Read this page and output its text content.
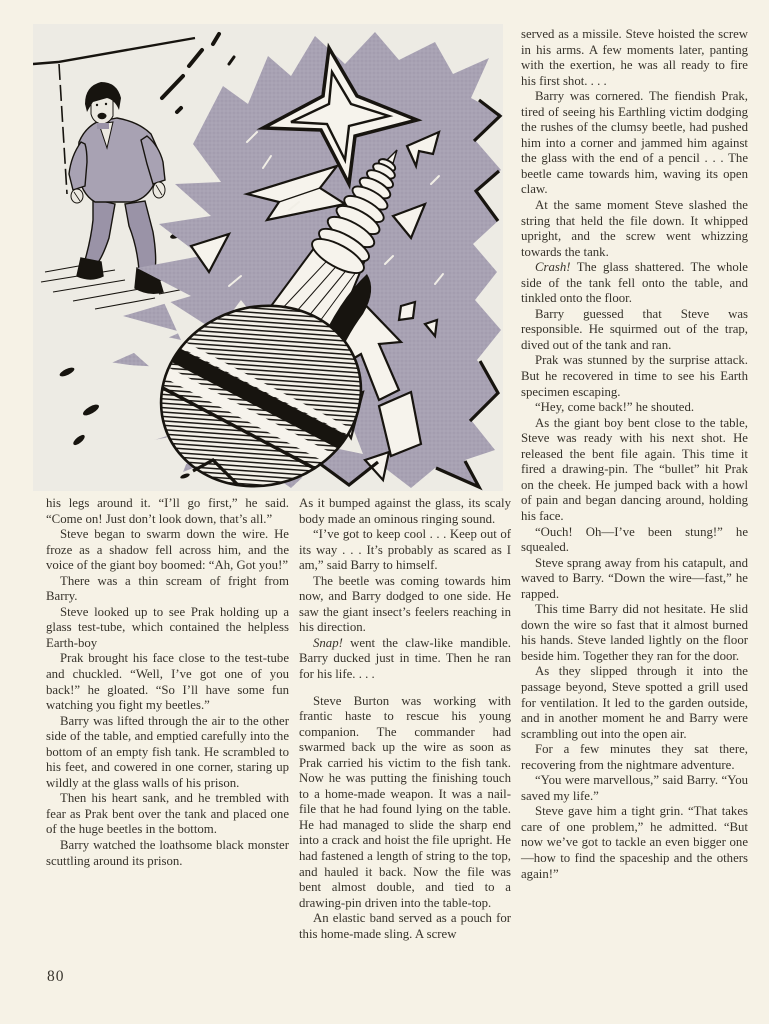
his legs around it. “I’ll go first,” he said. “Come on! Just don’t look down, that’s all.”

Steve began to swarm down the wire. He froze as a shadow fell across him, and the voice of the giant boy boomed: “Ah, Got you!”

There was a thin scream of fright from Barry.

Steve looked up to see Prak holding up a glass test-tube, which contained the helpless Earth-boy

Prak brought his face close to the test-tube and chuckled. “Well, I’ve got one of you back!” he gloated. “So I’ll have some fun watching you fight my beetles.”

Barry was lifted through the air to the other side of the table, and emptied carefully into the bottom of an empty fish tank. He scrambled to his feet, and cowered in one corner, staring up wildly at the glass walls of his prison.

Then his heart sank, and he trembled with fear as Prak bent over the tank and placed one of the huge beetles in the bottom.

Barry watched the loathsome black monster scuttling around its prison.

As it bumped against the glass, its scaly body made an ominous ringing sound.

“I’ve got to keep cool . . . Keep out of its way . . . It’s probably as scared as I am,” said Barry to himself.

The beetle was coming towards him now, and Barry dodged to one side. He saw the giant insect’s feelers reaching in his direction.

Snap! went the claw-like mandible. Barry ducked just in time. Then he ran for his life. . . .

Steve Burton was working with frantic haste to rescue his young companion. The commander had swarmed back up the wire as soon as Prak carried his victim to the fish tank. Now he was putting the finishing touch to a home-made weapon. It was a nail-file that he had found lying on the table. He had managed to slide the sharp end into a crack and hoist the file upright. He had fastened a length of string to the top, and hauled it back. Now the file was bent almost double, and tied to a drawing-pin driven into the table-top.

An elastic band served as a pouch for this home-made sling. A screw

served as a missile. Steve hoisted the screw in his arms. A few moments later, panting with the exertion, he was all ready to fire his first shot. . . .

Barry was cornered. The fiendish Prak, tired of seeing his Earthling victim dodging the rushes of the clumsy beetle, had pushed him into a corner and jammed him against the glass with the end of a pencil . . . The beetle came towards him, waving its open claw.

At the same moment Steve slashed the string that held the file down. It whipped upright, and the screw went whizzing towards the tank.

Crash! The glass shattered. The whole side of the tank fell onto the table, and tinkled onto the floor.

Barry guessed that Steve was responsible. He squirmed out of the trap, dived out of the tank and ran.

Prak was stunned by the surprise attack. But he recovered in time to see his Earth specimen escaping.

“Hey, come back!” he shouted.

As the giant boy bent close to the table, Steve was ready with his next shot. He released the bent file again. This time it fired a drawing-pin. The “bullet” hit Prak on the cheek. He jumped back with a howl of pain and began dancing around, holding his face.

“Ouch! Oh—I’ve been stung!” he squealed.

Steve sprang away from his catapult, and waved to Barry. “Down the wire—fast,” he rapped.

This time Barry did not hesitate. He slid down the wire so fast that it almost burned his hands. Steve landed lightly on the floor beside him. Together they ran for the door.

As they slipped through it into the passage beyond, Steve spotted a grill used for ventilation. It led to the garden outside, and in another moment he and Barry were scrambling out into the open air.

For a few minutes they sat there, recovering from the nightmare adventure.

“You were marvellous,” said Barry. “You saved my life.”

Steve gave him a tight grin. “That takes care of one problem,” he admitted. “But now we’ve got to tackle an even bigger one—how to find the spaceship and the others again!”

80
